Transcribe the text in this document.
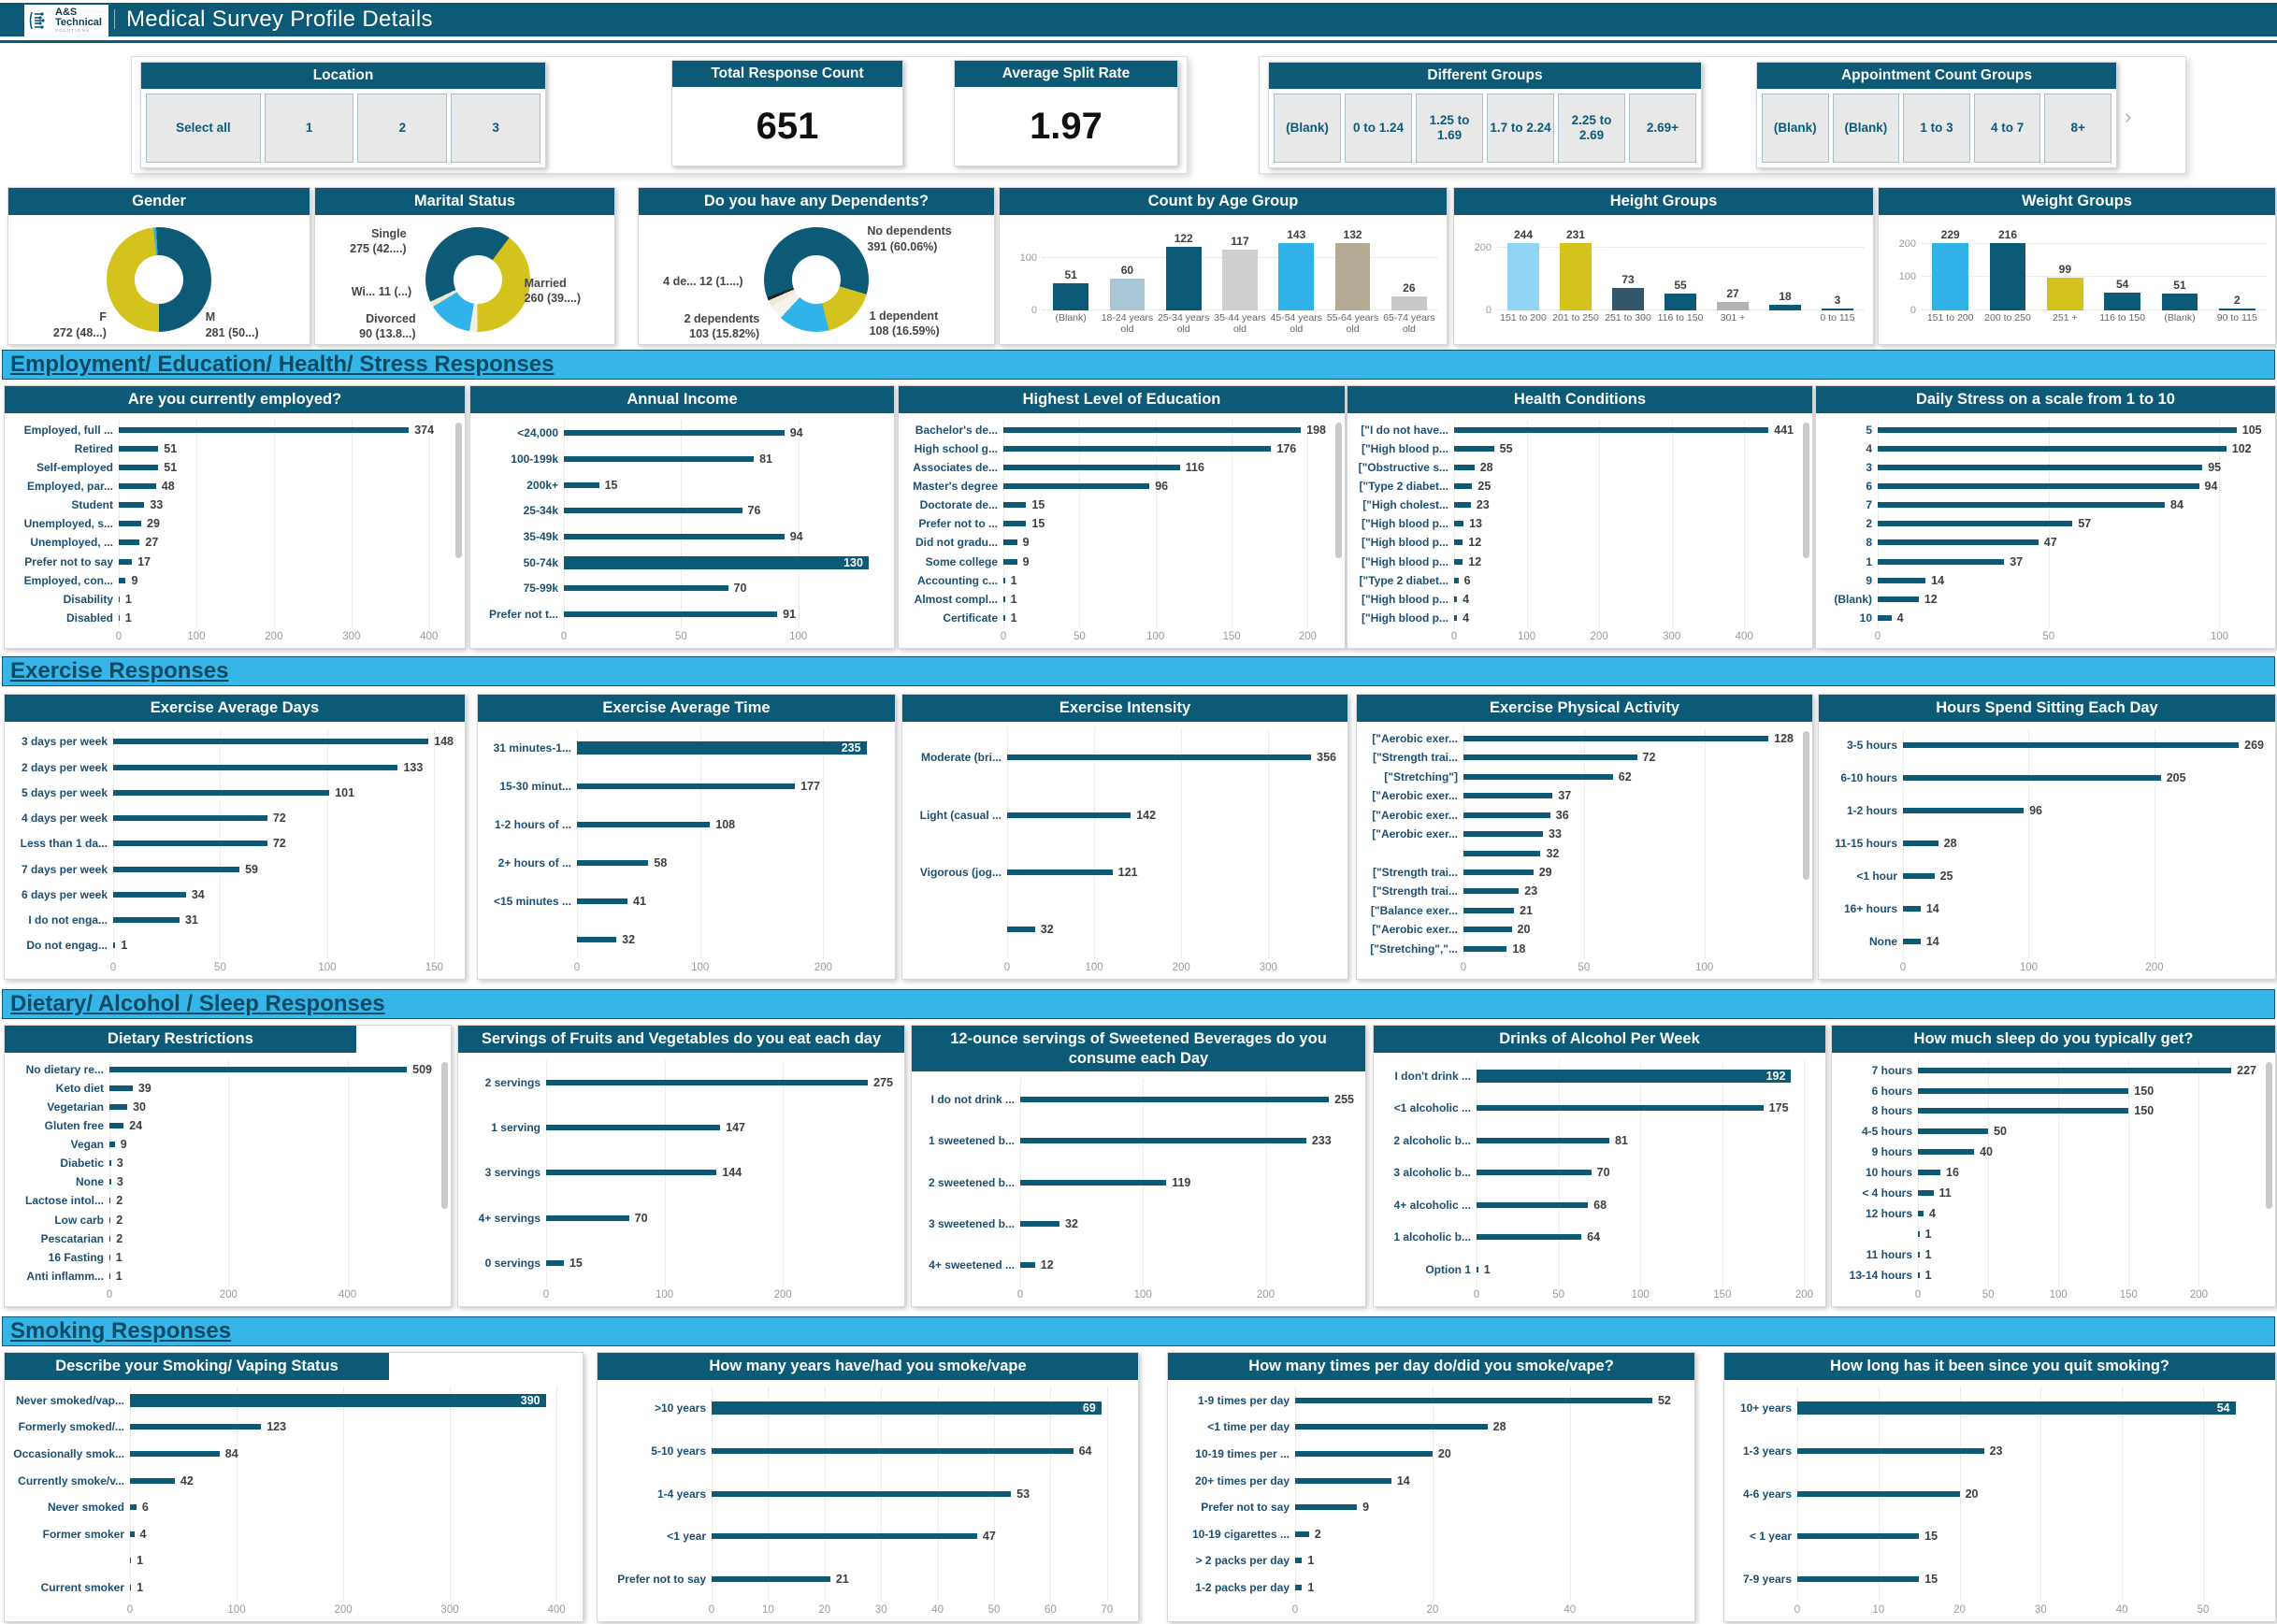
A&S
Technical
SOLUTIONS	Medical Survey Profile Details
Location
Select all	1	2	3
Total Response Count
651
Average Split Rate
1.97
Different Groups
(Blank)	0 to 1.24
1.25 to 1.69
1.7 to 2.24
2.25 to 2.69
2.69+
Appointment Count Groups
(Blank)	(Blank)	1 to 3	4 to 7	8+	›
Gender
M
281 (50...)
F
272 (48...)
Marital Status
Single
275 (42....)
Married
260 (39....)
Divorced
90 (13.8...)
Wi... 11 (...)
Do you have any Dependents?
No dependents
391 (60.06%)
1 dependent
108 (16.59%)
2 dependents
103 (15.82%)
4 de... 12 (1....)
Count by Age Group
0
100
51	60
122	117	143	132
26
(Blank)	18-24 years old
25-34 years old
35-44 years old
45-54 years old
55-64 years old
65-74 years old
Height Groups
0
200
244	231
73	55
27	18	3
151 to 200 201 to 250 251 to 300 116 to 150	301 +	0 to 115
Weight Groups
0
100
200
229	216
99
54	51
2
151 to 200	200 to 250	251 +	116 to 150	(Blank)	90 to 115
Employment/ Education/ Health/ Stress Responses
Are you currently employed?
Employed, full ...	374
Retired	51
Self-employed	51
Employed, par...	48
Student	33
Unemployed, s...	29
Unemployed, ...	27
Prefer not to say	17
Employed, con...	9
Disability	1
Disabled	1
0	100	200	300	400
Annual Income
<24,000	94
100-199k	81
200k+	15
25-34k	76
35-49k	94
50-74k	130
75-99k	70
Prefer not t...	91
0	50	100
Highest Level of Education
Bachelor's de...	198
High school g...	176
Associates de...	116
Master's degree	96
Doctorate de...	15
Prefer not to ...	15
Did not gradu...	9
Some college	9
Accounting c...	1
Almost compl...	1
Certificate	1
0	50	100	150	200
Health Conditions
["I do not have...	441
["High blood p...	55
["Obstructive s...	28
["Type 2 diabet...	25
["High cholest...	23
["High blood p...	13
["High blood p...	12
["High blood p...	12
["Type 2 diabet...	6
["High blood p...	4
["High blood p...	4
0	100	200	300	400
Daily Stress on a scale from 1 to 10
5	105
4	102
3	95
6	94
7	84
2	57
8	47
1	37
9	14
(Blank)	12
10	4
0	50	100
Exercise Responses
Exercise Average Days
3 days per week	148
2 days per week	133
5 days per week	101
4 days per week	72
Less than 1 da...	72
7 days per week	59
6 days per week	34
I do not enga...	31
Do not engag...	1
0	50	100	150
Exercise Average Time
31 minutes-1...	235
15-30 minut...	177
1-2 hours of ...	108
2+ hours of ...	58
<15 minutes ...	41
32
0	100	200
Exercise Intensity
Moderate (bri...	356
Light (casual ...	142
Vigorous (jog...	121
32
0	100	200	300
Exercise Physical Activity
["Aerobic exer...	128
["Strength trai...	72
["Stretching"]	62
["Aerobic exer...	37
["Aerobic exer...	36
["Aerobic exer...	33
32
["Strength trai...	29
["Strength trai...	23
["Balance exer...	21
["Aerobic exer...	20
["Stretching","...	18
0	50	100
Hours Spend Sitting Each Day
3-5 hours	269
6-10 hours	205
1-2 hours	96
11-15 hours	28
<1 hour	25
16+ hours	14
None	14
0	100	200
Dietary/ Alcohol / Sleep Responses
Dietary Restrictions
No dietary re...	509
Keto diet	39
Vegetarian	30
Gluten free	24
Vegan	9
Diabetic	3
None	3
Lactose intol...	2
Low carb	2
Pescatarian	2
16 Fasting	1
Anti inflamm...	1
0	200	400
Servings of Fruits and Vegetables do you eat each day
2 servings	275
1 serving	147
3 servings	144
4+ servings	70
0 servings	15
0	100	200
12-ounce servings of Sweetened Beverages do you consume each Day
I do not drink ...	255
1 sweetened b...	233
2 sweetened b...	119
3 sweetened b...	32
4+ sweetened ...	12
0	100	200
Drinks of Alcohol Per Week
I don't drink ...	192
<1 alcoholic ...	175
2 alcoholic b...	81
3 alcoholic b...	70
4+ alcoholic ...	68
1 alcoholic b...	64
Option 1	1
0	50	100	150	200
How much sleep do you typically get?
7 hours	227
6 hours	150
8 hours	150
4-5 hours	50
9 hours	40
10 hours	16
< 4 hours	11
12 hours	4
1
11 hours	1
13-14 hours	1
0	50	100	150	200
Smoking Responses
Describe your Smoking/ Vaping Status
Never smoked/vap...	390
Formerly smoked/...	123
Occasionally smok...	84
Currently smoke/v...	42
Never smoked	6
Former smoker	4
1
Current smoker	1
0	100	200	300	400
How many years have/had you smoke/vape
>10 years	69
5-10 years	64
1-4 years	53
<1 year	47
Prefer not to say	21
0	10	20	30	40	50	60	70
How many times per day do/did you smoke/vape?
1-9 times per day	52
<1 time per day	28
10-19 times per ...	20
20+ times per day	14
Prefer not to say	9
10-19 cigarettes ...	2
> 2 packs per day	1
1-2 packs per day	1
0	20	40
How long has it been since you quit smoking?
10+ years	54
1-3 years	23
4-6 years	20
< 1 year	15
7-9 years	15
0	10	20	30	40	50
